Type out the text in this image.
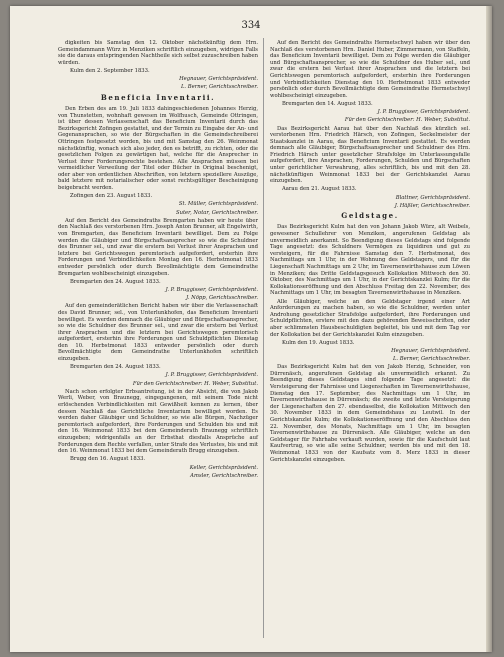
334
digkeiten bis Samstag den 12. Oktober nächstkünftig dem Hrn. Gemeindammann Würz in Menziken schriftlich einzugeben, widrigen Falls sie die daraus entspringenden Nachtheile sich selbst zuzuschreiben haben würden.
Kulm den 2. September 1833.
Hegnauer, Gerichtspräsident.
L. Berner, Gerichtsschreiber.
Beneficia Inventarii.
Den Erben des am 19. Juli 1833 dahingeschiedenen Johannes Herzig, von Thunstetten, wohnhaft gewesen im Wolfhusch, Gemeinde Ottringen, ist über dessen Verlassenschaft das Beneficium Inventarii durch das Bezirksgericht Zofingen gestattet, und der Termin zu Eingabe der An- und Gegenansprachen, so wie der Bürgschaften in die Gemeindschreiberei Ottringen festgesetzt worden, bis und mit Samstag den 26. Weinmonat nächstkünftig, wonach sich also jeder, den es betrifft, zu richten, oder die gesetzlichen Folgen zu gewärtigen hat, welche für die Ansprecher in Verlust ihrer Forderungsrechte bestehen. Alle Ansprachen müssen bei vermeidlicher Verweilung der Titel oder Bücher in Original beschenigt, oder aber von ordentlichen Abschriften, von letztern speziellere Auszüge, bald letztere mit notarialischer oder sonst rechtsgültiger Bescheinigung beigebracht werden.
Zofingen den 23. August 1833.
St. Müller, Gerichtspräsident.
Suter, Notar, Gerichtschreiber.
Auf den Bericht des Gemeindraths Bremgarten haben wir heute über den Nachlaß des verstorbenen Hrn. Joseph Anton Brunner, alt Engelwirth, von Bremgarten, das Beneficium Inventarii bewilliget. Dem zu Folge werden die Gläubiger und Bürgschaftsansprecher so wie die Schuldner des Brunner sel., und zwar die erstern bei Verlust ihrer Ansprachen und letztere bei Gerichtswegen peremtorisch aufgefordert, ersterhin ihre Forderungen und Verbindlichkeiten Montag den 16. Herbstmonat 1833 entweder persönlich oder durch Bevollmächtigte dem Gemeindrathe Bremgarten wohlbescheinigt einzugeben.
Bremgarten den 24. August 1833.
J. P. Bruggisser, Gerichtspräsident.
J. Nöpp, Gerichtsschreiber.
Auf den gemeinderätlichen Bericht haben wir über die Verlassenschaft des David Brunner, sel., von Unterlunkhofen, das Beneficium Inventarii bewilliget. Es werden demnach die Gläubiger und Bürgschaftsansprecher, so wie die Schuldner des Brunner sel., und zwar die erstern bei Verlust ihrer Ansprachen und die letztern bei Gerichtswegen peremtorisch aufgefordert, ersterhin ihre Forderungen und Schuldpflichten Dienstag den 10. Herbstmonat 1833 entweder persönlich oder durch Bevollmächtigte dem Gemeindrathe Unterlunkhofen schriftlich einzugeben.
Bremgarten den 24. August 1833.
J. P. Bruggisser, Gerichtspräsident.
Für den Gerichtschreiber: H. Weber, Substitut.
Nach schon erfolgter Erbsantretung, ist in der Absicht, die von Jakob Werli, Weber, von Braunegg, eingegangenen, mit seinem Tode nicht erlöschenden Verbindlichkeiten mit Gewißheit kennen zu lernen, über dessen Nachlaß das Gerichtliche Inventarium bewilliget worden. Es werden daher Gläubiger und Schuldner, so wie alle Bürgen, Nachzüger peremtorisch aufgefordert, ihre Forderungen und Schulden bis und mit den 16. Weinmonat 1833 bei dem Gemeinderath Braunegg schriftlich einzugeben; widrigenfalls an der Erbsthat diesfalls Ansprüche auf Forderungen dem Rechte verfallen, unter Strafe des Verlustes, bis und mit den 16. Weinmonat 1833 bei dem Gemeinderath Brugg einzugeben.
Brugg den 16. August 1833.
Keller, Gerichtspräsident.
Amsler, Gerichtschreiber.
Auf den Bericht des Gemeindraths Hermetschwyl haben wir über den Nachlaß des verstorbenen Hrn. Daniel Huber, Zimmermann, von Staffeln, das Beneficium Inventarii bewilliget. Dem zu Folge werden die Gläubiger und Bürgschaftsansprecher, so wie die Schuldner des Huber sel., und zwar die erstern bei Verlust ihrer Ansprachen und die letztern bei Gerichtswegen peremtorisch aufgefordert, ersterhin ihre Forderungen und Verbindlichkeiten Dienstag den 10. Herbstmonat 1833 entweder persönlich oder durch Bevollmächtigte dem Gemeindrathe Hermetschwyl wohlbescheinigt einzugeben.
Bremgarten den 14. August 1833.
J. P. Bruggisser, Gerichtspräsident.
Für den Gerichtschreiber: H. Weber, Substitut.
Das Bezirksgericht Aarau hat über den Nachlaß des kürzlich sel. verstorbenen Hrn. Friedrich Härsch, von Zofingen, Seckelmeister der Staatskanzlei in Aarau, das Beneficium Inventarii gestattet. Es werden demnach alle Gläubiger, Bürgschaftsansprecher und Schuldner des Hrn. Friedrich Härsch unter gesetzlicher Strafsfolge im Unterlassungsfalle aufgefordert, ihre Ansprachen, Forderungen, Schulden und Bürgschaften unter gerichtlicher Verwahrung, alles schriftlich, bis und mit den 28. nächstkünftigen Weinmonat 1833 bei der Gerichtskanzlei Aarau einzugeben.
Aarau den 21. August 1833.
Blattner, Gerichtspräsident.
J. Häßler, Gerichtsschreiber.
Geldstage.
Das Bezirksgericht Kulm hat den von Johann Jakob Würz, alt Weibels, gewesener Schullehrer von Menziken, angerufenen Geldstag als unvermeidlich anerkannt. So Beendigung dieses Geldstags sind folgende Tage angesetzt: des Schuldners Vermögen zu liquidiren und gut zu versteigern, für die Fahrnisse Samstag den 7. Herbstmonat, des Nachmittags um 1 Uhr, in der Wohnung des Geldstagers, und für die Liegenschaft Nachmittags um 2 Uhr, im Tavernenwirthshause zum Löwen in Menziken; das Dritte Geldstagsgesuch Kollokation Mittwoch den 30. Oktober, des Nachmittags um 1 Uhr, in der Gerichtskanzlei Kulm; für die Kollokationseröffnung und den Abschluss Freitag den 22. November, des Nachmittags um 1 Uhr, im besagten Tavernenwirthshause in Menziken.
Alle Gläubiger, welche an den Geldstager irgend einer Art Anforderungen zu machen haben, so wie die Schuldner, werden unter Androhung gesetzlicher Strafsfolge aufgefordert, ihre Forderungen und Schuldpflichten, erstere mit den dazu gehörenden Beweisschriften, oder aber schlimmsten Hausbeschuldigten begleitet, bis und mit dem Tag vor der Kollokation bei der Gerichtskanzlei Kulm einzugeben.
Kulm den 19. August 1833.
Hegnauer, Gerichtspräsident.
L. Berner, Gerichtsschreiber.
Das Bezirksgericht Kulm hat den von Jakob Herzig, Schneider, von Dürrenäsch, angerufenen Geldstag als unvermeidlich erkannt. Zu Beendigung dieses Geldstages sind folgende Tage angesetzt: die Versteigerung der Fahrnisse und Liegenschaften im Tavernenwirthshause, Dienstag den 17. September, des Nachmittags um 1 Uhr, im Tavernenwirthshause in Dürrenäsch; die zweite und letzte Versteigerung der Liegenschaften den 27. ebendaselbst, die Kollokation Mittwoch den 30. November 1833 in dem Gemeindshaus zu Leutwil. In der Gerichtskanzlei Kulm; die Kollokationseröffnung und den Abschluss den 22. November, des Monats, Nachmittags um 1 Uhr, im besagten Tavernenwirthshause zu Dürrenäsch. Alle Gläubiger, welche an den Geldstager für Fahrhabe verkauft wurden, sowie für die Kaufschuld laut Kaufvertrag, so wie alle seine Schuldner, werden bis und mit den 18. Weinmonat 1833 von der Kaufsatz vom 8. Merz 1833 in dieser Gerichtskanzlei einzugeben.
